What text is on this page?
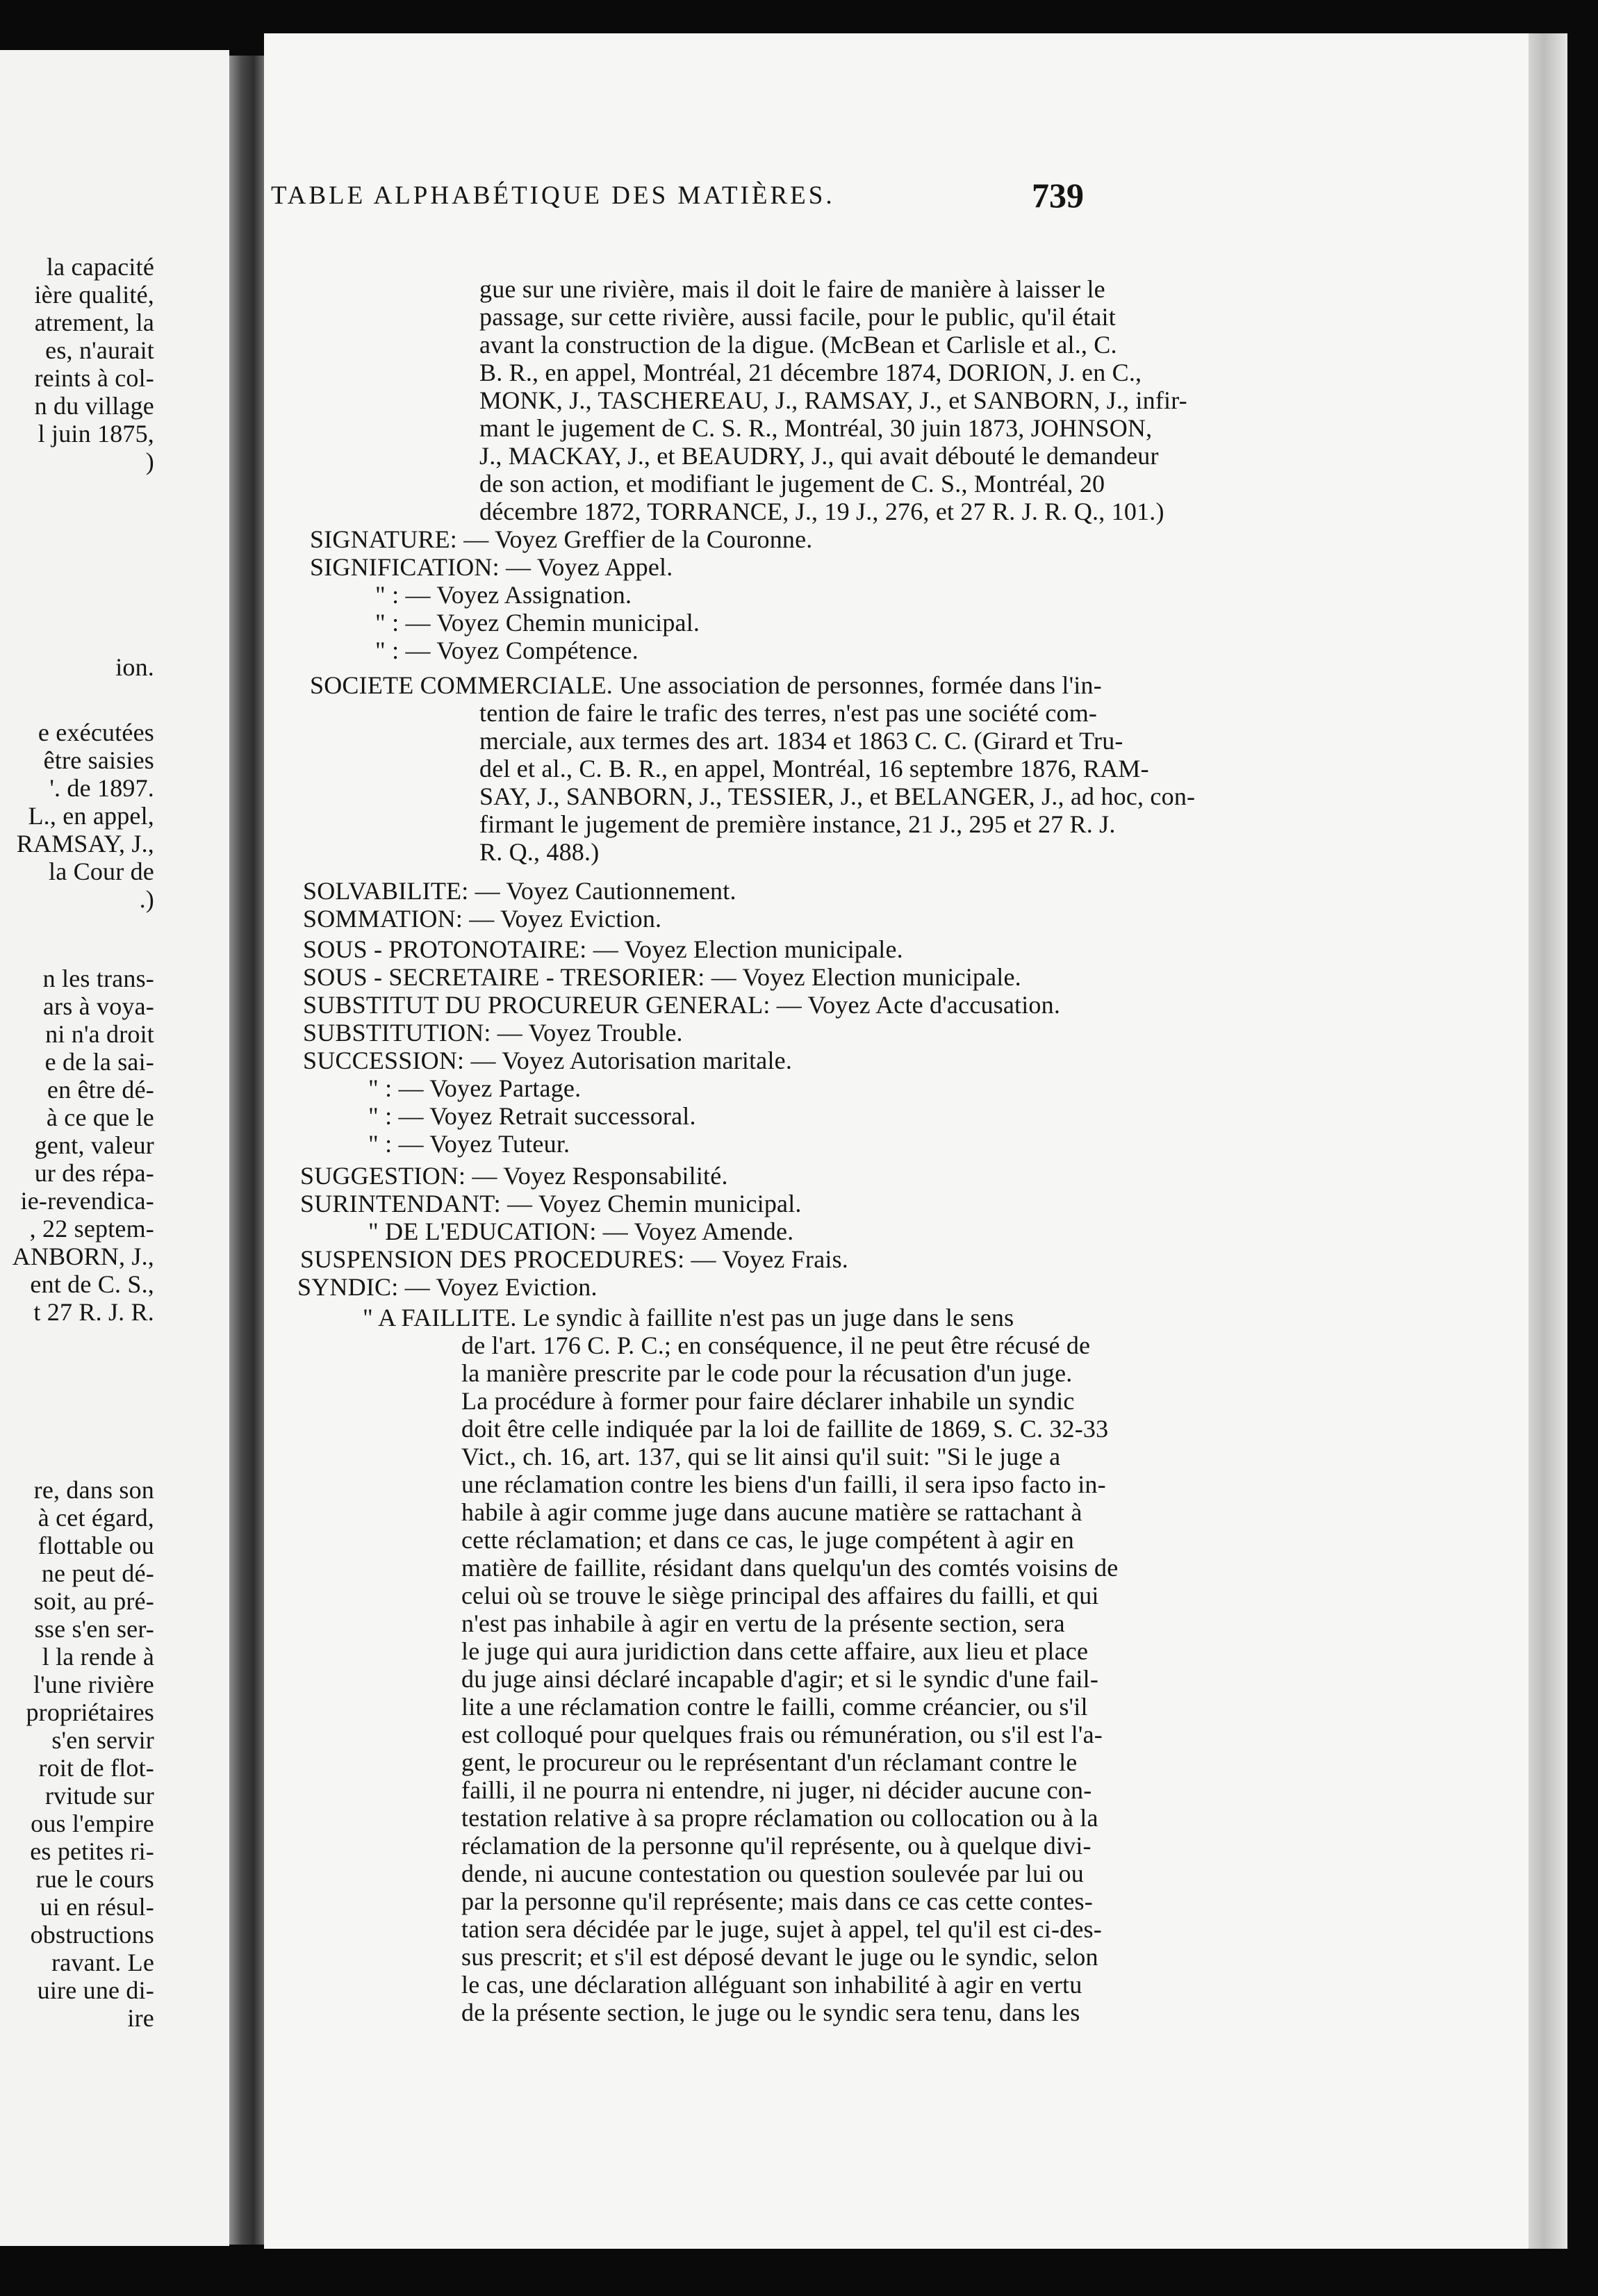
TABLE ALPHABÉTIQUE DES MATIÈRES.	739
la capacité
ière qualité,
atrement, la
es, n'aurait
reints à col-
n du village
l juin 1875,
)
ion.
e exécutées
être saisies
'. de 1897.
L., en appel,
RAMSAY, J.,
la Cour de
.)
n les trans-
ars à voya-
ni n'a droit
e de la sai-
en être dé-
à ce que le
gent, valeur
ur des répa-
ie-revendica-
, 22 septem-
ANBORN, J.,
ent de C. S.,
t 27 R. J. R.
re, dans son
à cet égard,
flottable ou
ne peut dé-
soit, au pré-
sse s'en ser-
l la rende à
l'une rivière
propriétaires
s'en servir
roit de flot-
rvitude sur
ous l'empire
es petites ri-
rue le cours
ui en résul-
obstructions
ravant. Le
uire une di-
ire
gue sur une rivière, mais il doit le faire de manière à laisser le
passage, sur cette rivière, aussi facile, pour le public, qu'il était
avant la construction de la digue. (McBean et Carlisle et al., C.
B. R., en appel, Montréal, 21 décembre 1874, DORION, J. en C.,
MONK, J., TASCHEREAU, J., RAMSAY, J., et SANBORN, J., infir-
mant le jugement de C. S. R., Montréal, 30 juin 1873, JOHNSON,
J., MACKAY, J., et BEAUDRY, J., qui avait débouté le demandeur
de son action, et modifiant le jugement de C. S., Montréal, 20
décembre 1872, TORRANCE, J., 19 J., 276, et 27 R. J. R. Q., 101.)
SIGNATURE: — Voyez Greffier de la Couronne.
SIGNIFICATION: — Voyez Appel.
" : — Voyez Assignation.
" : — Voyez Chemin municipal.
" : — Voyez Compétence.
SOCIETE COMMERCIALE. Une association de personnes, formée dans l'in-
tention de faire le trafic des terres, n'est pas une société com-
merciale, aux termes des art. 1834 et 1863 C. C. (Girard et Tru-
del et al., C. B. R., en appel, Montréal, 16 septembre 1876, RAM-
SAY, J., SANBORN, J., TESSIER, J., et BELANGER, J., ad hoc, con-
firmant le jugement de première instance, 21 J., 295 et 27 R. J.
R. Q., 488.)
SOLVABILITE: — Voyez Cautionnement.
SOMMATION: — Voyez Eviction.
SOUS - PROTONOTAIRE: — Voyez Election municipale.
SOUS - SECRETAIRE - TRESORIER: — Voyez Election municipale.
SUBSTITUT DU PROCUREUR GENERAL: — Voyez Acte d'accusation.
SUBSTITUTION: — Voyez Trouble.
SUCCESSION: — Voyez Autorisation maritale.
" : — Voyez Partage.
" : — Voyez Retrait successoral.
" : — Voyez Tuteur.
SUGGESTION: — Voyez Responsabilité.
SURINTENDANT: — Voyez Chemin municipal.
" DE L'EDUCATION: — Voyez Amende.
SUSPENSION DES PROCEDURES: — Voyez Frais.
SYNDIC: — Voyez Eviction.
" A FAILLITE. Le syndic à faillite n'est pas un juge dans le sens
de l'art. 176 C. P. C.; en conséquence, il ne peut être récusé de
la manière prescrite par le code pour la récusation d'un juge.
La procédure à former pour faire déclarer inhabile un syndic
doit être celle indiquée par la loi de faillite de 1869, S. C. 32-33
Vict., ch. 16, art. 137, qui se lit ainsi qu'il suit: "Si le juge a
une réclamation contre les biens d'un failli, il sera ipso facto in-
habile à agir comme juge dans aucune matière se rattachant à
cette réclamation; et dans ce cas, le juge compétent à agir en
matière de faillite, résidant dans quelqu'un des comtés voisins de
celui où se trouve le siège principal des affaires du failli, et qui
n'est pas inhabile à agir en vertu de la présente section, sera
le juge qui aura juridiction dans cette affaire, aux lieu et place
du juge ainsi déclaré incapable d'agir; et si le syndic d'une fail-
lite a une réclamation contre le failli, comme créancier, ou s'il
est colloqué pour quelques frais ou rémunération, ou s'il est l'a-
gent, le procureur ou le représentant d'un réclamant contre le
failli, il ne pourra ni entendre, ni juger, ni décider aucune con-
testation relative à sa propre réclamation ou collocation ou à la
réclamation de la personne qu'il représente, ou à quelque divi-
dende, ni aucune contestation ou question soulevée par lui ou
par la personne qu'il représente; mais dans ce cas cette contes-
tation sera décidée par le juge, sujet à appel, tel qu'il est ci-des-
sus prescrit; et s'il est déposé devant le juge ou le syndic, selon
le cas, une déclaration alléguant son inhabilité à agir en vertu
de la présente section, le juge ou le syndic sera tenu, dans les
